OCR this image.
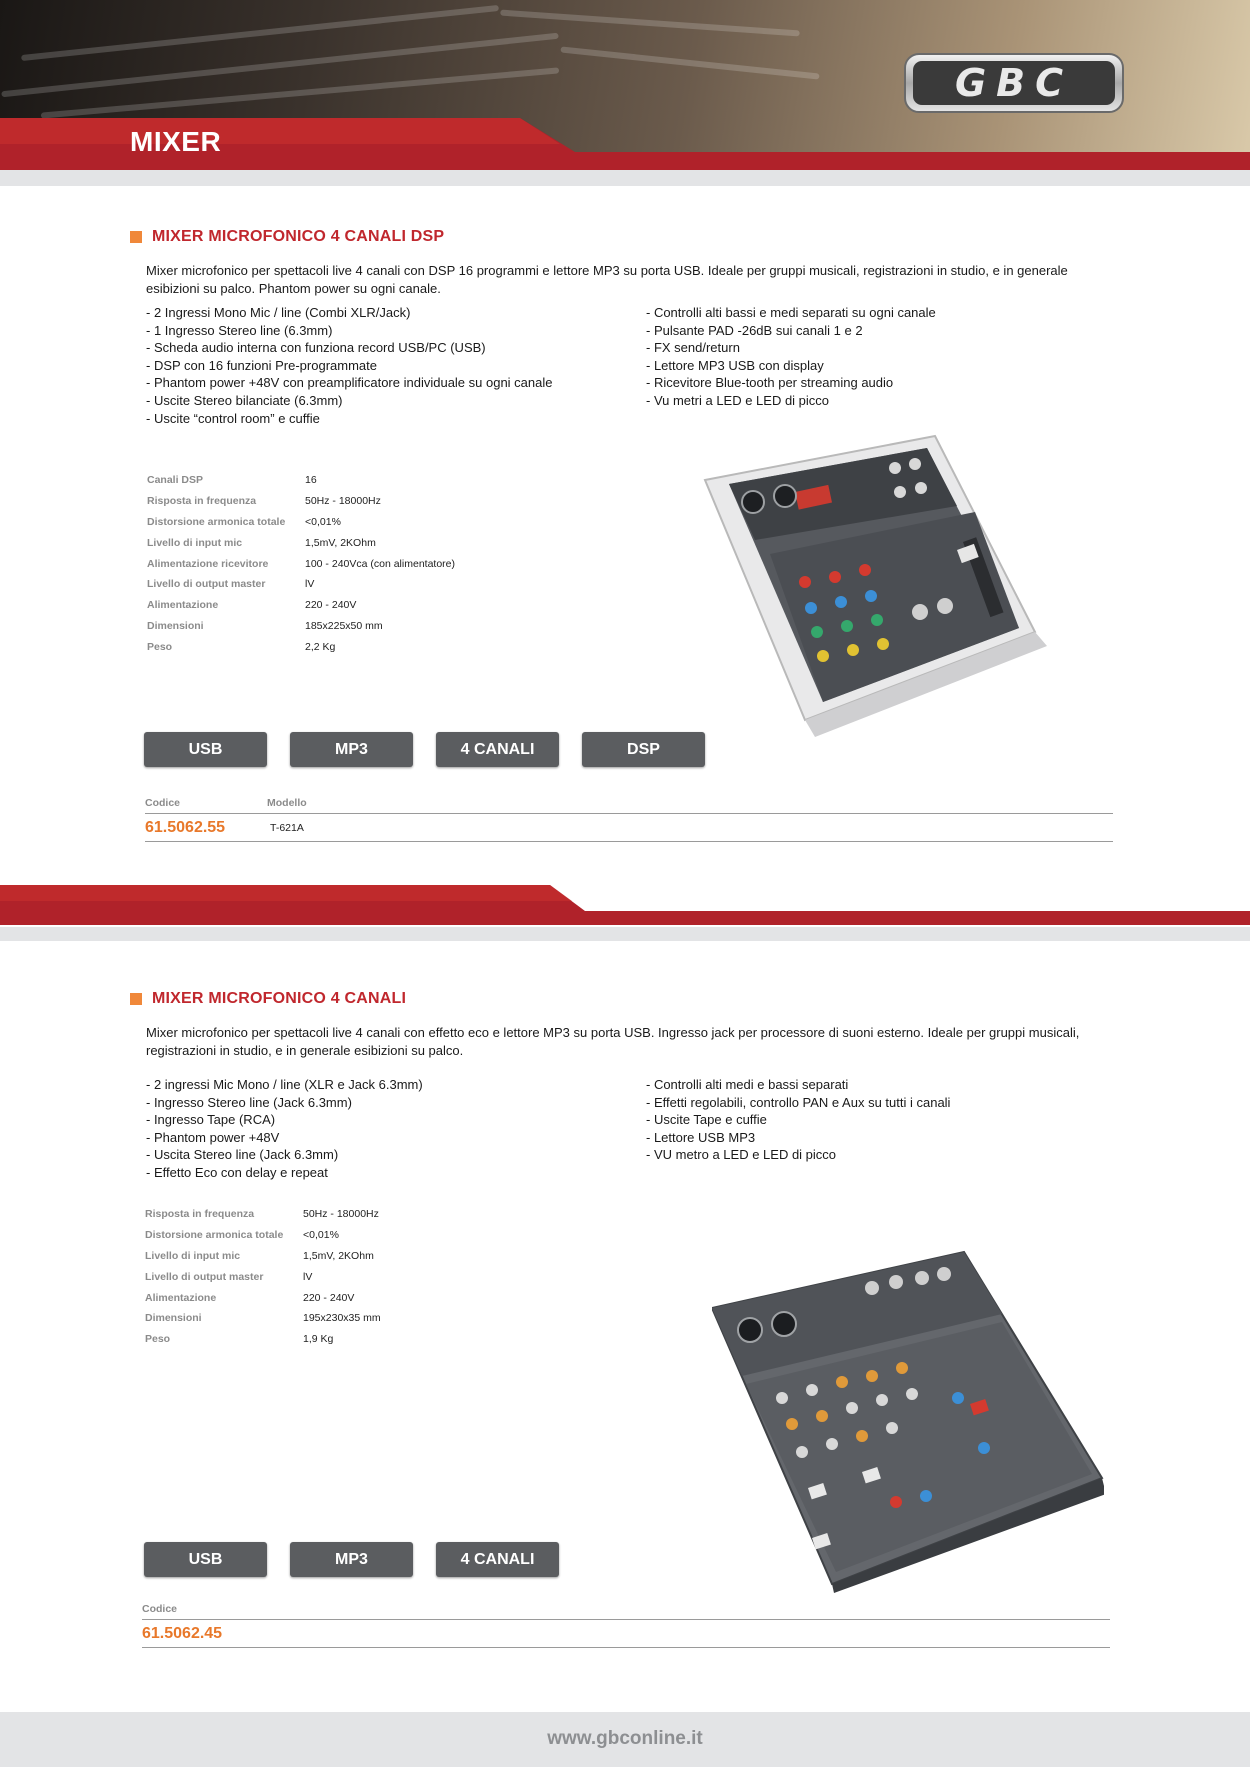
MIXER
GBC
MIXER MICROFONICO 4 CANALI DSP
Mixer microfonico per spettacoli live 4 canali con DSP 16 programmi e lettore MP3 su porta USB. Ideale per gruppi musicali, registrazioni in studio, e in generale esibizioni su palco. Phantom power su ogni canale.
- 2 Ingressi Mono Mic / line (Combi XLR/Jack)
- 1 Ingresso Stereo line (6.3mm)
- Scheda audio interna con funziona record USB/PC (USB)
- DSP con 16 funzioni Pre-programmate
- Phantom power +48V con preamplificatore individuale su ogni canale
- Uscite Stereo bilanciate (6.3mm)
- Uscite “control room” e cuffie
- Controlli alti bassi e medi separati su ogni canale
- Pulsante PAD -26dB sui canali 1 e 2
- FX send/return
- Lettore MP3 USB con display
- Ricevitore Blue-tooth per streaming audio
- Vu metri a LED e LED di picco
Canali DSP	16
Risposta in frequenza	50Hz - 18000Hz
Distorsione armonica totale	<0,01%
Livello di input mic	1,5mV, 2KOhm
Alimentazione ricevitore	100 - 240Vca (con alimentatore)
Livello di output master	lV
Alimentazione	220 - 240V
Dimensioni	185x225x50 mm
Peso	2,2 Kg
USB	MP3	4 CANALI	DSP
Codice	Modello
61.5062.55	T-621A
MIXER MICROFONICO 4 CANALI
Mixer microfonico per spettacoli live 4 canali con effetto eco e lettore MP3 su porta USB. Ingresso jack per processore di suoni esterno. Ideale per gruppi musicali, registrazioni in studio, e in generale esibizioni su palco.
- 2 ingressi Mic Mono / line (XLR e Jack 6.3mm)
- Ingresso Stereo line (Jack 6.3mm)
- Ingresso Tape (RCA)
- Phantom power +48V
- Uscita Stereo line (Jack 6.3mm)
- Effetto Eco con delay e repeat
- Controlli alti medi e bassi separati
- Effetti regolabili, controllo PAN e Aux su tutti i canali
- Uscite Tape e cuffie
- Lettore USB MP3
- VU metro a LED e LED di picco
Risposta in frequenza	50Hz - 18000Hz
Distorsione armonica totale	<0,01%
Livello di input mic	1,5mV, 2KOhm
Livello di output master	lV
Alimentazione	220 - 240V
Dimensioni	195x230x35 mm
Peso	1,9 Kg
USB	MP3	4 CANALI
Codice
61.5062.45
www.gbconline.it
